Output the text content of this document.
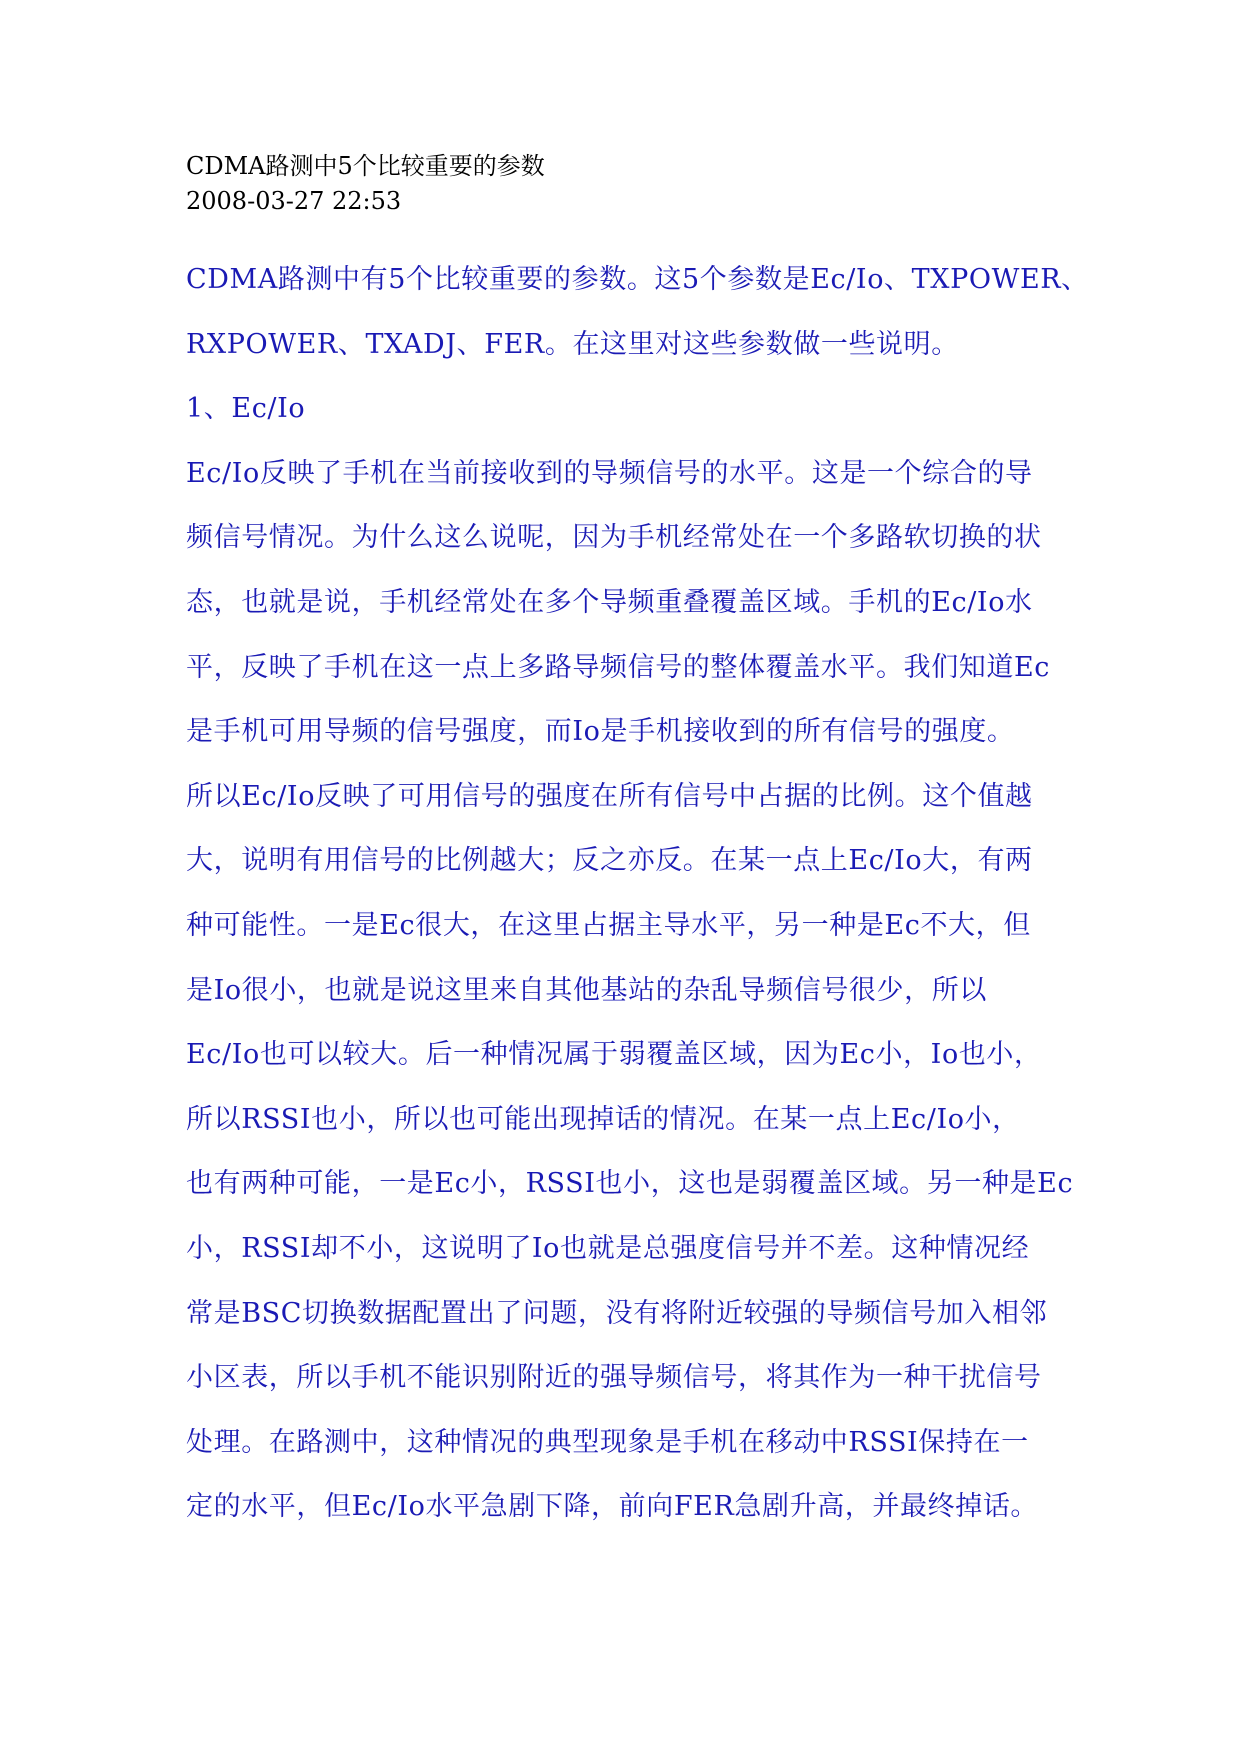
CDMA路测中5个比较重要的参数
2008-03-27 22:53
CDMA路测中有5个比较重要的参数。这5个参数是Ec/Io、TXPOWER、
RXPOWER、TXADJ、FER。在这里对这些参数做一些说明。
1、Ec/Io
Ec/Io反映了手机在当前接收到的导频信号的水平。这是一个综合的导
频信号情况。为什么这么说呢，因为手机经常处在一个多路软切换的状
态，也就是说，手机经常处在多个导频重叠覆盖区域。手机的Ec/Io水
平，反映了手机在这一点上多路导频信号的整体覆盖水平。我们知道Ec
是手机可用导频的信号强度，而Io是手机接收到的所有信号的强度。
所以Ec/Io反映了可用信号的强度在所有信号中占据的比例。这个值越
大，说明有用信号的比例越大；反之亦反。在某一点上Ec/Io大，有两
种可能性。一是Ec很大，在这里占据主导水平，另一种是Ec不大，但
是Io很小，也就是说这里来自其他基站的杂乱导频信号很少，所以
Ec/Io也可以较大。后一种情况属于弱覆盖区域，因为Ec小，Io也小，
所以RSSI也小，所以也可能出现掉话的情况。在某一点上Ec/Io小，
也有两种可能，一是Ec小，RSSI也小，这也是弱覆盖区域。另一种是Ec
小，RSSI却不小，这说明了Io也就是总强度信号并不差。这种情况经
常是BSC切换数据配置出了问题，没有将附近较强的导频信号加入相邻
小区表，所以手机不能识别附近的强导频信号，将其作为一种干扰信号
处理。在路测中，这种情况的典型现象是手机在移动中RSSI保持在一
定的水平，但Ec/Io水平急剧下降，前向FER急剧升高，并最终掉话。
